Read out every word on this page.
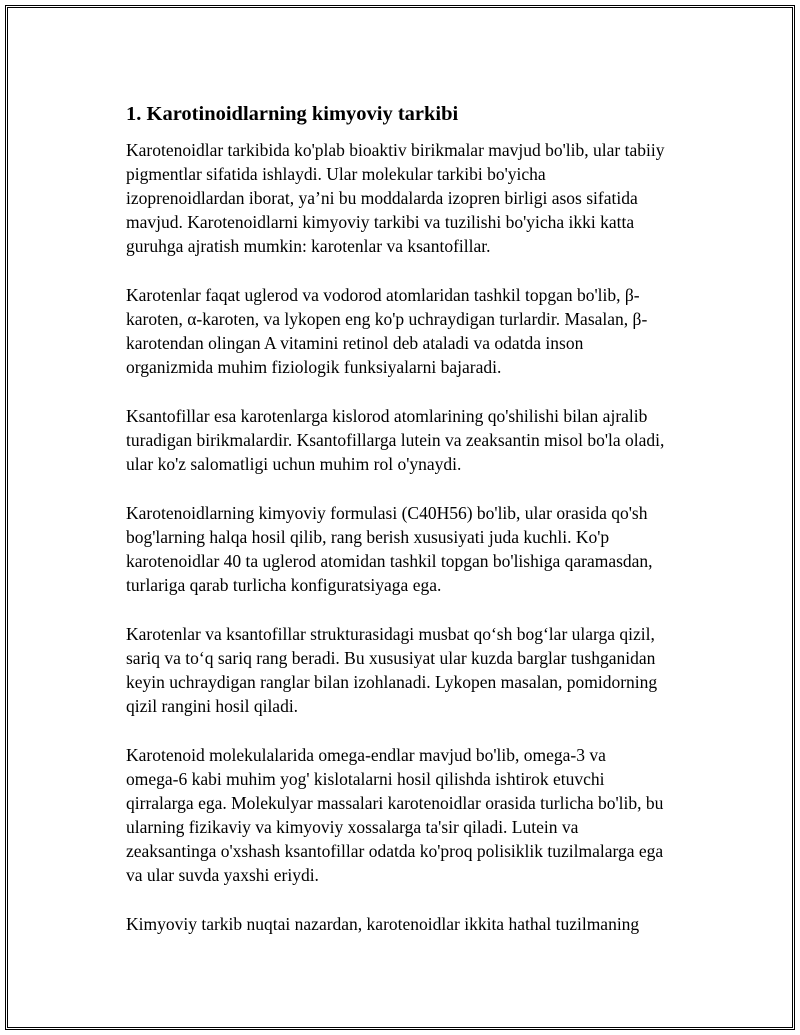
1. Karotinoidlarning kimyoviy tarkibi

Karotenoidlar tarkibida ko'plab bioaktiv birikmalar mavjud bo'lib, ular tabiiy
pigmentlar sifatida ishlaydi. Ular molekular tarkibi bo'yicha
izoprenoidlardan iborat, ya’ni bu moddalarda izopren birligi asos sifatida
mavjud. Karotenoidlarni kimyoviy tarkibi va tuzilishi bo'yicha ikki katta
guruhga ajratish mumkin: karotenlar va ksantofillar.

Karotenlar faqat uglerod va vodorod atomlaridan tashkil topgan bo'lib, β-
karoten, α-karoten, va lykopen eng ko'p uchraydigan turlardir. Masalan, β-
karotendan olingan A vitamini retinol deb ataladi va odatda inson
organizmida muhim fiziologik funksiyalarni bajaradi.

Ksantofillar esa karotenlarga kislorod atomlarining qo'shilishi bilan ajralib
turadigan birikmalardir. Ksantofillarga lutein va zeaksantin misol bo'la oladi,
ular ko'z salomatligi uchun muhim rol o'ynaydi.

Karotenoidlarning kimyoviy formulasi (C40H56) bo'lib, ular orasida qo'sh
bog'larning halqa hosil qilib, rang berish xususiyati juda kuchli. Ko'p
karotenoidlar 40 ta uglerod atomidan tashkil topgan bo'lishiga qaramasdan,
turlariga qarab turlicha konfiguratsiyaga ega.

Karotenlar va ksantofillar strukturasidagi musbat qo‘sh bog‘lar ularga qizil,
sariq va to‘q sariq rang beradi. Bu xususiyat ular kuzda barglar tushganidan
keyin uchraydigan ranglar bilan izohlanadi. Lykopen masalan, pomidorning
qizil rangini hosil qiladi.

Karotenoid molekulalarida omega-endlar mavjud bo'lib, omega-3 va
omega-6 kabi muhim yog' kislotalarni hosil qilishda ishtirok etuvchi
qirralarga ega. Molekulyar massalari karotenoidlar orasida turlicha bo'lib, bu
ularning fizikaviy va kimyoviy xossalarga ta'sir qiladi. Lutein va
zeaksantinga o'xshash ksantofillar odatda ko'proq polisiklik tuzilmalarga ega
va ular suvda yaxshi eriydi.

Kimyoviy tarkib nuqtai nazardan, karotenoidlar ikkita hathal tuzilmaning
